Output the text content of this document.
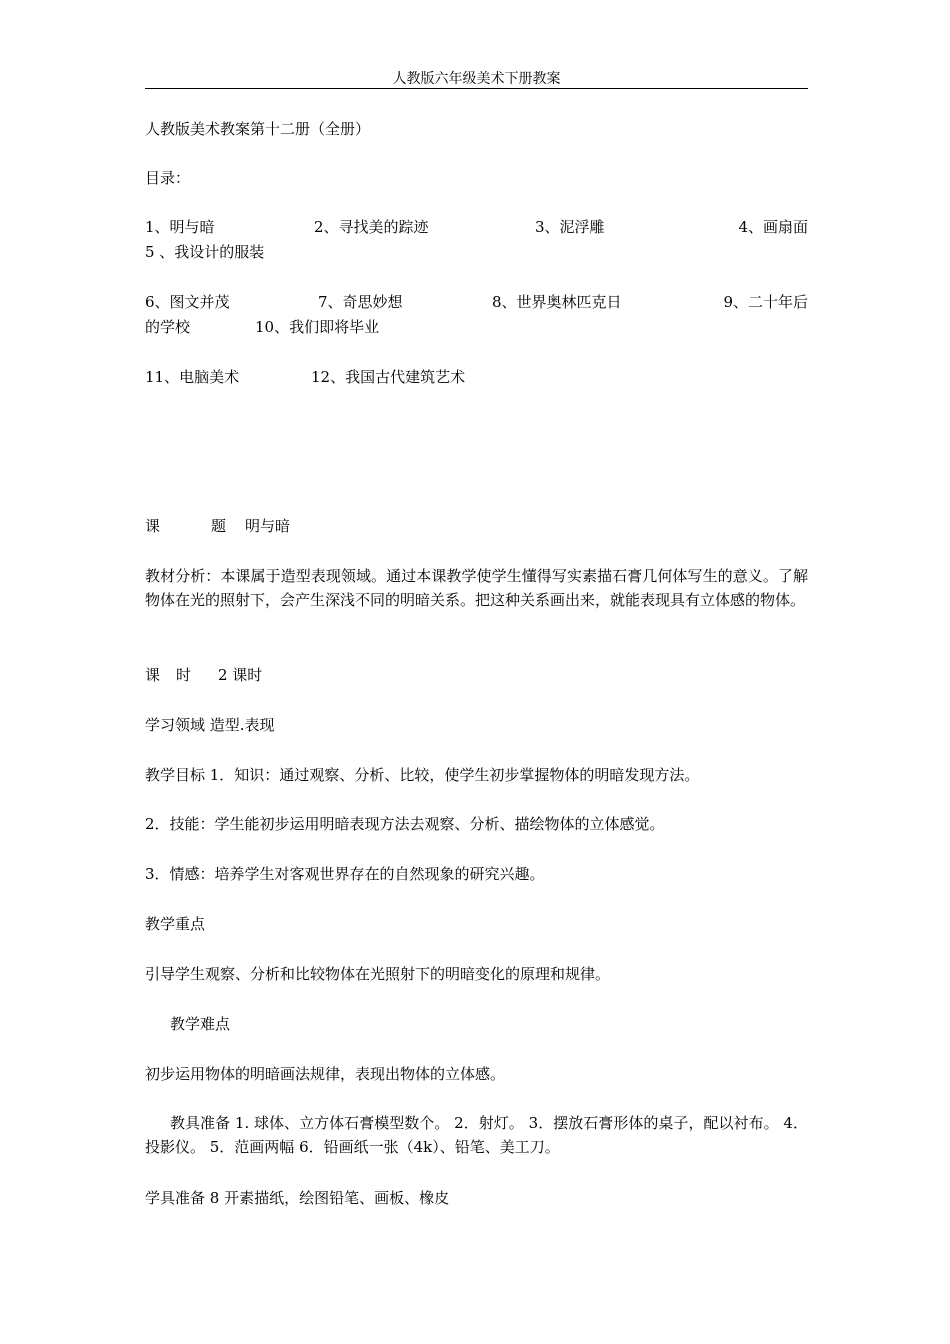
人教版六年级美术下册教案
人教版美术教案第十二册（全册）
目录：
1、明与暗	2、寻找美的踪迹	3、泥浮雕	4、画扇面
5 、我设计的服装
6、图文并茂	7、奇思妙想	8、世界奥林匹克日	9、二十年后
的学校	10、我们即将毕业
11、电脑美术	12、我国古代建筑艺术
课	题 明与暗
教材分析：本课属于造型表现领域。通过本课教学使学生懂得写实素描石膏几何体写生的意义。了解物体在光的照射下，会产生深浅不同的明暗关系。把这种关系画出来，就能表现具有立体感的物体。
课 时 2 课时
学习领域 造型.表现
教学目标 1．知识：通过观察、分析、比较，使学生初步掌握物体的明暗发现方法。
2．技能：学生能初步运用明暗表现方法去观察、分析、描绘物体的立体感觉。
3．情感：培养学生对客观世界存在的自然现象的研究兴趣。
教学重点
引导学生观察、分析和比较物体在光照射下的明暗变化的原理和规律。
教学难点
初步运用物体的明暗画法规律，表现出物体的立体感。
教具准备 1. 球体、立方体石膏模型数个。 2．射灯。 3．摆放石膏形体的桌子，配以衬布。 4．投影仪。 5．范画两幅 6．铅画纸一张（4k）、铅笔、美工刀。
学具准备 8 开素描纸，绘图铅笔、画板、橡皮
